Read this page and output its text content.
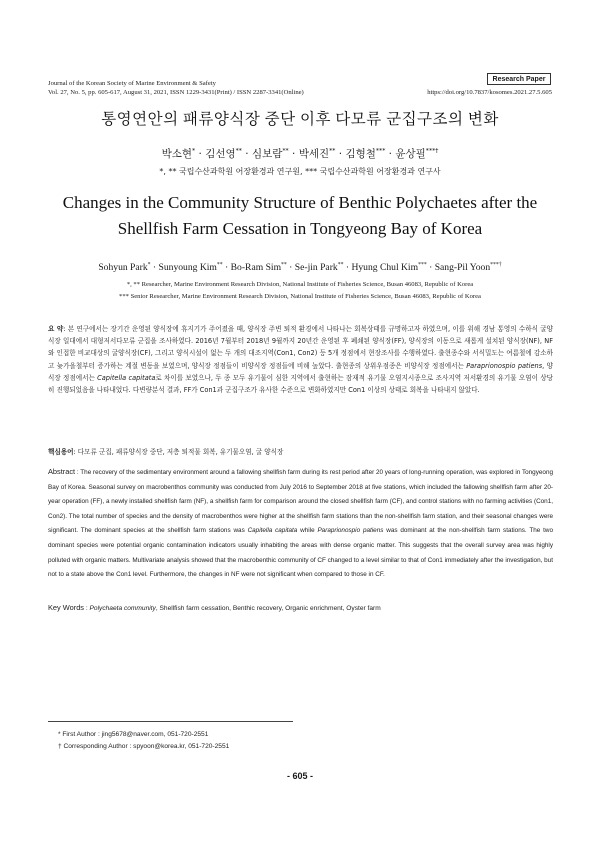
Journal of the Korean Society of Marine Environment & Safety
Vol. 27, No. 5, pp. 605-617, August 31, 2021, ISSN 1229-3431(Print) / ISSN 2287-3341(Online)
Research Paper
https://doi.org/10.7837/kosomes.2021.27.5.605
통영연안의 패류양식장 중단 이후 다모류 군집구조의 변화
박소현* · 김선영** · 심보람** · 박세진** · 김형철*** · 윤상필***†
*, ** 국립수산과학원 어장환경과 연구원, *** 국립수산과학원 어장환경과 연구사
Changes in the Community Structure of Benthic Polychaetes after the
Shellfish Farm Cessation in Tongyeong Bay of Korea
Sohyun Park* · Sunyoung Kim** · Bo-Ram Sim** · Se-jin Park** · Hyung Chul Kim*** · Sang-Pil Yoon***†
*, ** Researcher, Marine Environment Research Division, National Institute of Fisheries Science, Busan 46083, Republic of Korea
*** Senior Researcher, Marine Environment Research Division, National Institute of Fisheries Science, Busan 46083, Republic of Korea
요 약: 본 연구에서는 장기간 운영된 양식장에 휴지기가 주어졌을 때, 양식장 주변 퇴적 환경에서 나타나는 회복상태를 규명하고자 하였으며, 이를 위해 경남 통영의 수하식 굴양식장 일대에서 대형저서다모류 군집을 조사하였다. 2016년 7월부터 2018년 9월까지 20년간 운영된 후 폐쇄된 양식장(FF), 양식장의 이동으로 새롭게 설치된 양식장(NF), NF와 인접한 비교대상의 굴양식장(CF), 그리고 양식시설이 없는 두 개의 대조지역(Con1, Con2) 등 5개 정점에서 현장조사를 수행하였다. 출현종수와 서식밀도는 여름철에 감소하고 늦가을철부터 증가하는 계절 변동을 보였으며, 양식장 정점들이 비양식장 정점들에 비해 높았다. 출현종의 상위우점종은 비양식장 정점에서는 Paraprionospio patiens, 양식장 정점에서는 Capitella capitata로 차이를 보였으나, 두 종 모두 유기물이 심한 지역에서 출현하는 잠재적 유기물 오염지시종으로 조사지역 저서환경의 유기물 오염이 상당히 진행되었음을 나타내었다. 다변량분석 결과, FF가 Con1과 군집구조가 유사한 수준으로 변화하였지만 Con1 이상의 상태로 회복을 나타내지 않았다.
핵심용어: 다모류 군집, 패류양식장 중단, 저층 퇴적물 회복, 유기물오염, 굴 양식장
Abstract : The recovery of the sedimentary environment around a fallowing shellfish farm during its rest period after 20 years of long-running operation, was explored in Tongyeong Bay of Korea. Seasonal survey on macrobenthos community was conducted from July 2016 to September 2018 at five stations, which included the fallowing shellfish farm after 20-year operation (FF), a newly installed shellfish farm (NF), a shellfish farm for comparison around the closed shellfish farm (CF), and control stations with no farming activities (Con1, Con2). The total number of species and the density of macrobenthos were higher at the shellfish farm stations than the non-shellfish farm station, and their seasonal changes were significant. The dominant species at the shellfish farm stations was Capitella capitata while Paraprionospio patiens was dominant at the non-shellfish farm stations. The two dominant species were potential organic contamination indicators usually inhabiting the areas with dense organic matter. This suggests that the overall survey area was highly polluted with organic matters. Multivariate analysis showed that the macrobenthic community of CF changed to a level similar to that of Con1 immediately after the investigation, but not to a state above the Con1 level. Furthermore, the changes in NF were not significant when compared to those in CF.
Key Words : Polychaeta community, Shellfish farm cessation, Benthic recovery, Organic enrichment, Oyster farm
* First Author : jing5678@naver.com, 051-720-2551
† Corresponding Author : spyoon@korea.kr, 051-720-2551
- 605 -
